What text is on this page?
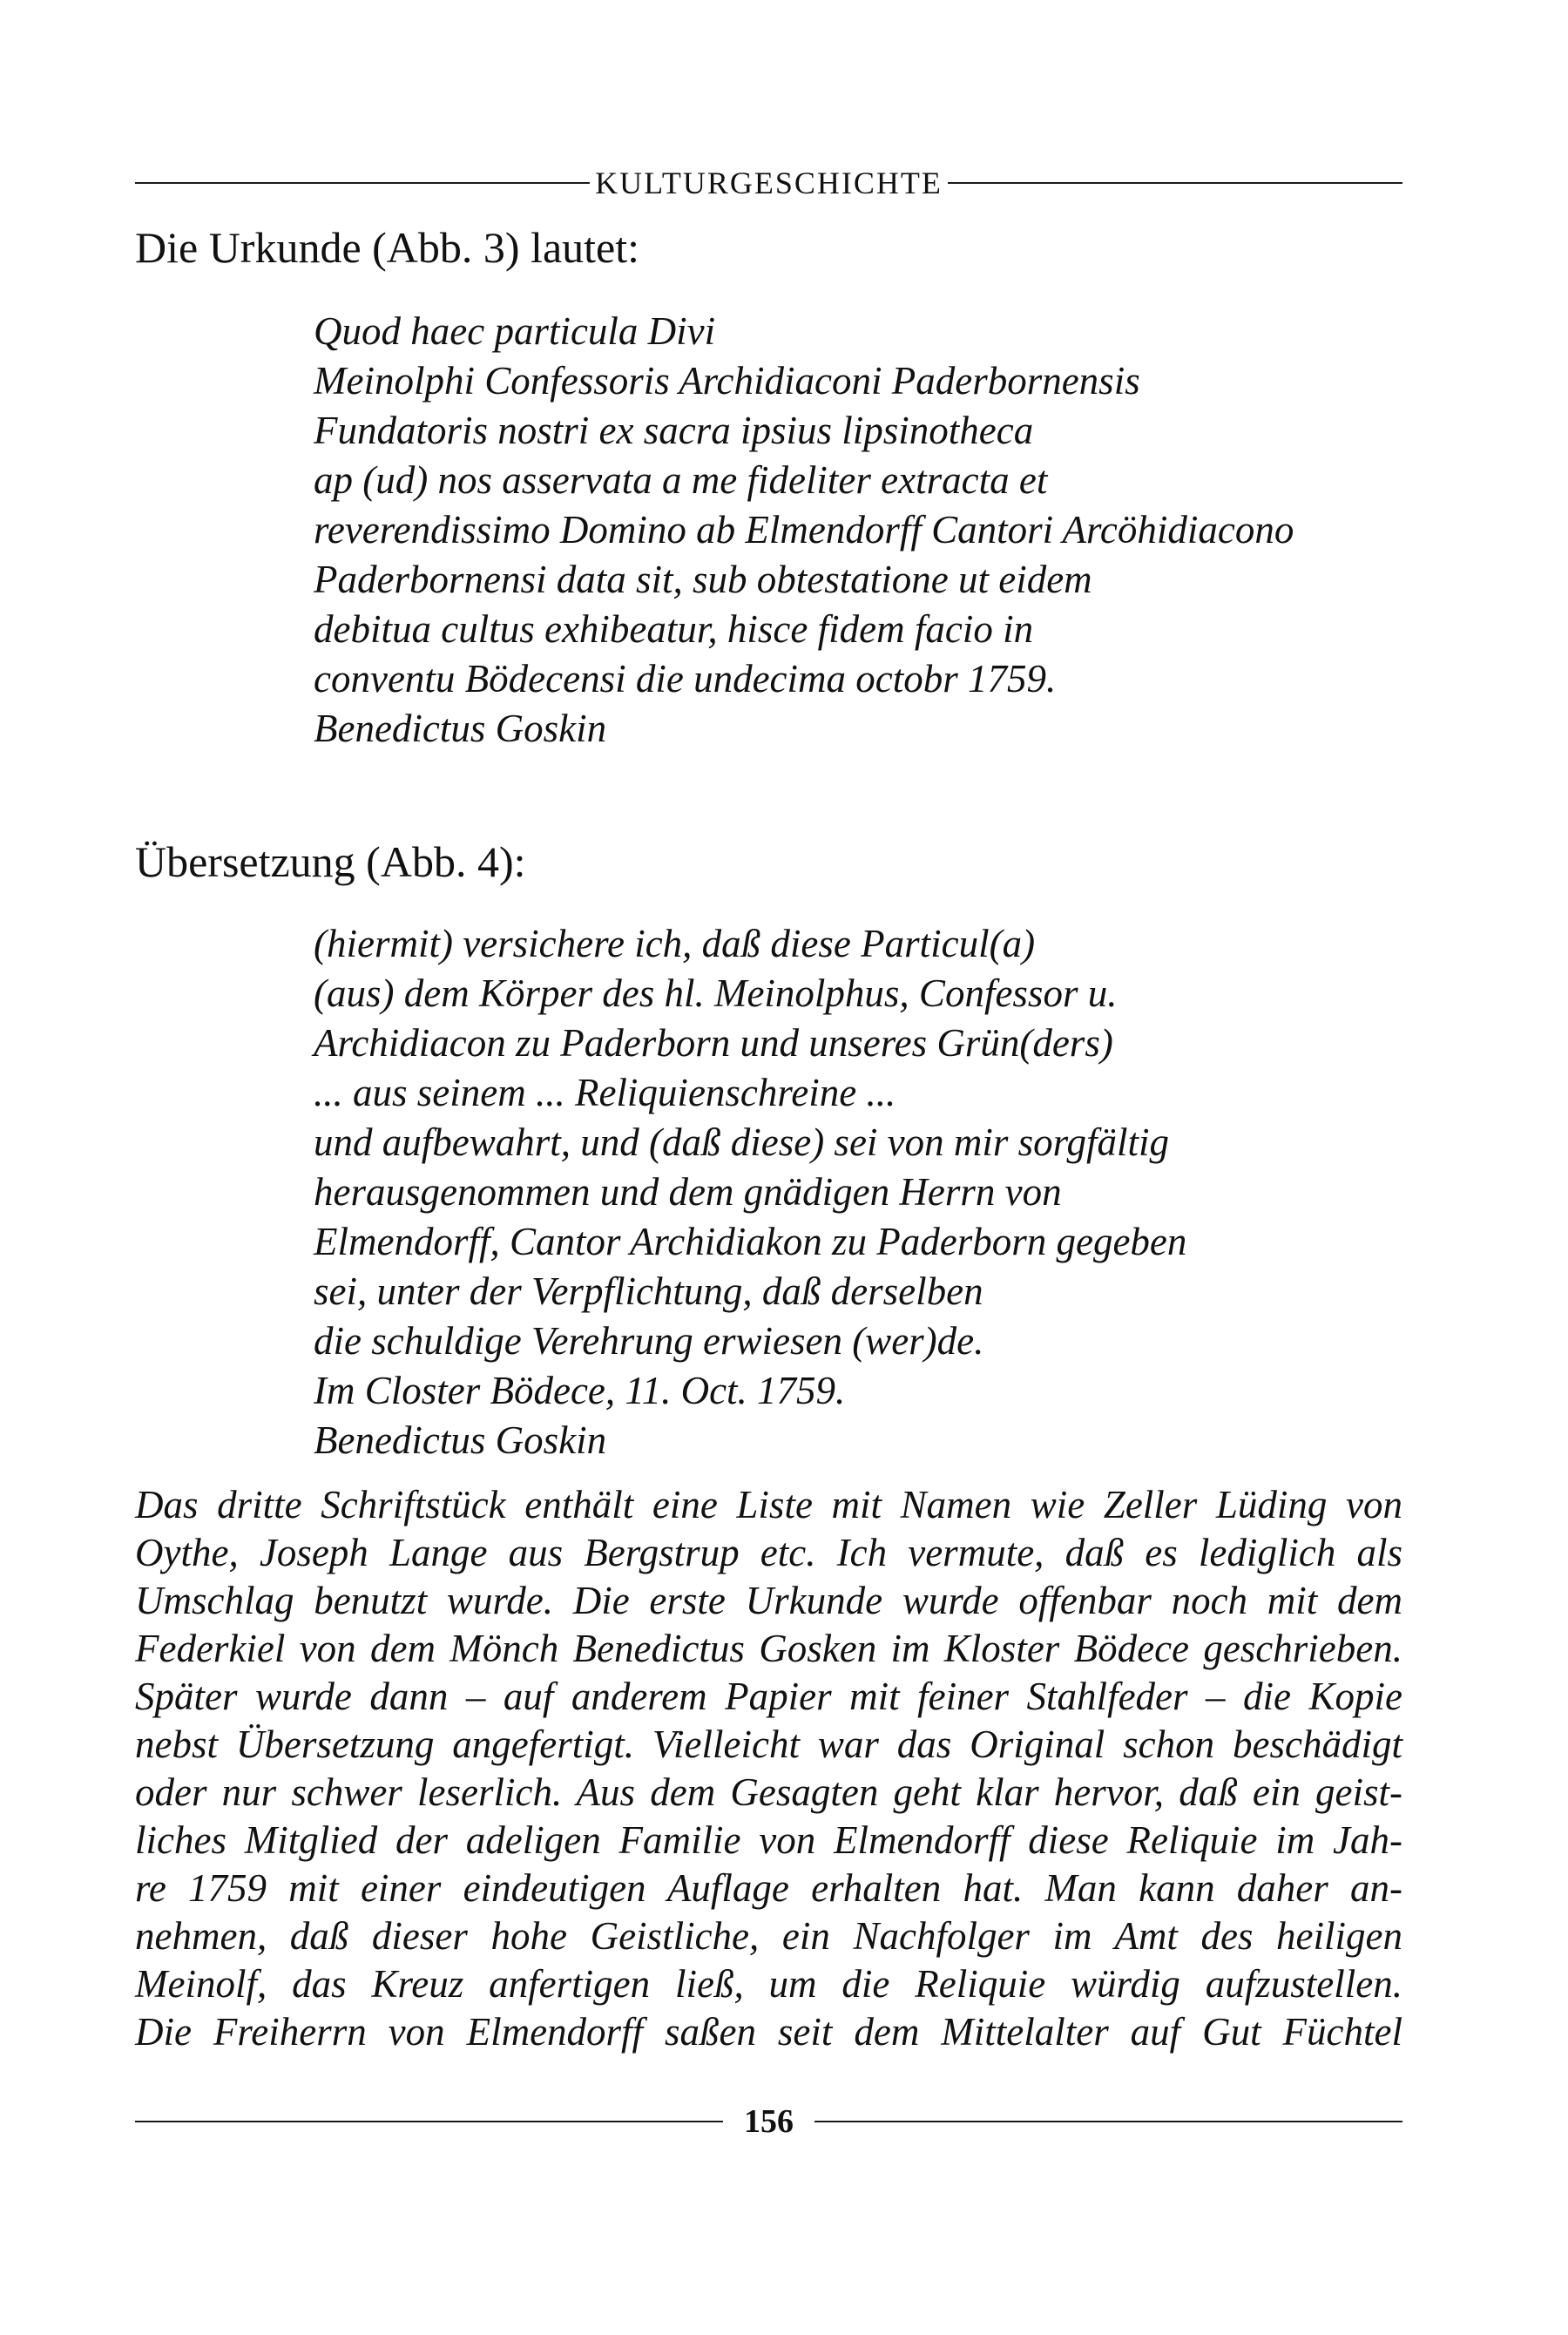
KULTURGESCHICHTE
Die Urkunde (Abb. 3) lautet:
Quod haec particula Divi
Meinolphi Confessoris Archidiaconi Paderbornensis
Fundatoris nostri ex sacra ipsius lipsinotheca
ap (ud) nos asservata a me fideliter extracta et
reverendissimo Domino ab Elmendorff Cantori Arcöhidiacono
Paderbornensi data sit, sub obtestatione ut eidem
debitua cultus exhibeatur, hisce fidem facio in
conventu Bödecensi die undecima octobr 1759.
Benedictus Goskin
Übersetzung (Abb. 4):
(hiermit) versichere ich, daß diese Particul(a)
(aus) dem Körper des hl. Meinolphus, Confessor u.
Archidiacon zu Paderborn und unseres Grün(ders)
... aus seinem ... Reliquienschreine ...
und aufbewahrt, und (daß diese) sei von mir sorgfältig
herausgenommen und dem gnädigen Herrn von
Elmendorff, Cantor Archidiakon zu Paderborn gegeben
sei, unter der Verpflichtung, daß derselben
die schuldige Verehrung erwiesen (wer)de.
Im Closter Bödece, 11. Oct. 1759.
Benedictus Goskin
Das dritte Schriftstück enthält eine Liste mit Namen wie Zeller Lüding von
Oythe, Joseph Lange aus Bergstrup etc. Ich vermute, daß es lediglich als
Umschlag benutzt wurde. Die erste Urkunde wurde offenbar noch mit dem
Federkiel von dem Mönch Benedictus Gosken im Kloster Bödece geschrieben.
Später wurde dann – auf anderem Papier mit feiner Stahlfeder – die Kopie
nebst Übersetzung angefertigt. Vielleicht war das Original schon beschädigt
oder nur schwer leserlich. Aus dem Gesagten geht klar hervor, daß ein geist-
liches Mitglied der adeligen Familie von Elmendorff diese Reliquie im Jah-
re 1759 mit einer eindeutigen Auflage erhalten hat. Man kann daher an-
nehmen, daß dieser hohe Geistliche, ein Nachfolger im Amt des heiligen
Meinolf, das Kreuz anfertigen ließ, um die Reliquie würdig aufzustellen.
Die Freiherrn von Elmendorff saßen seit dem Mittelalter auf Gut Füchtel
156
